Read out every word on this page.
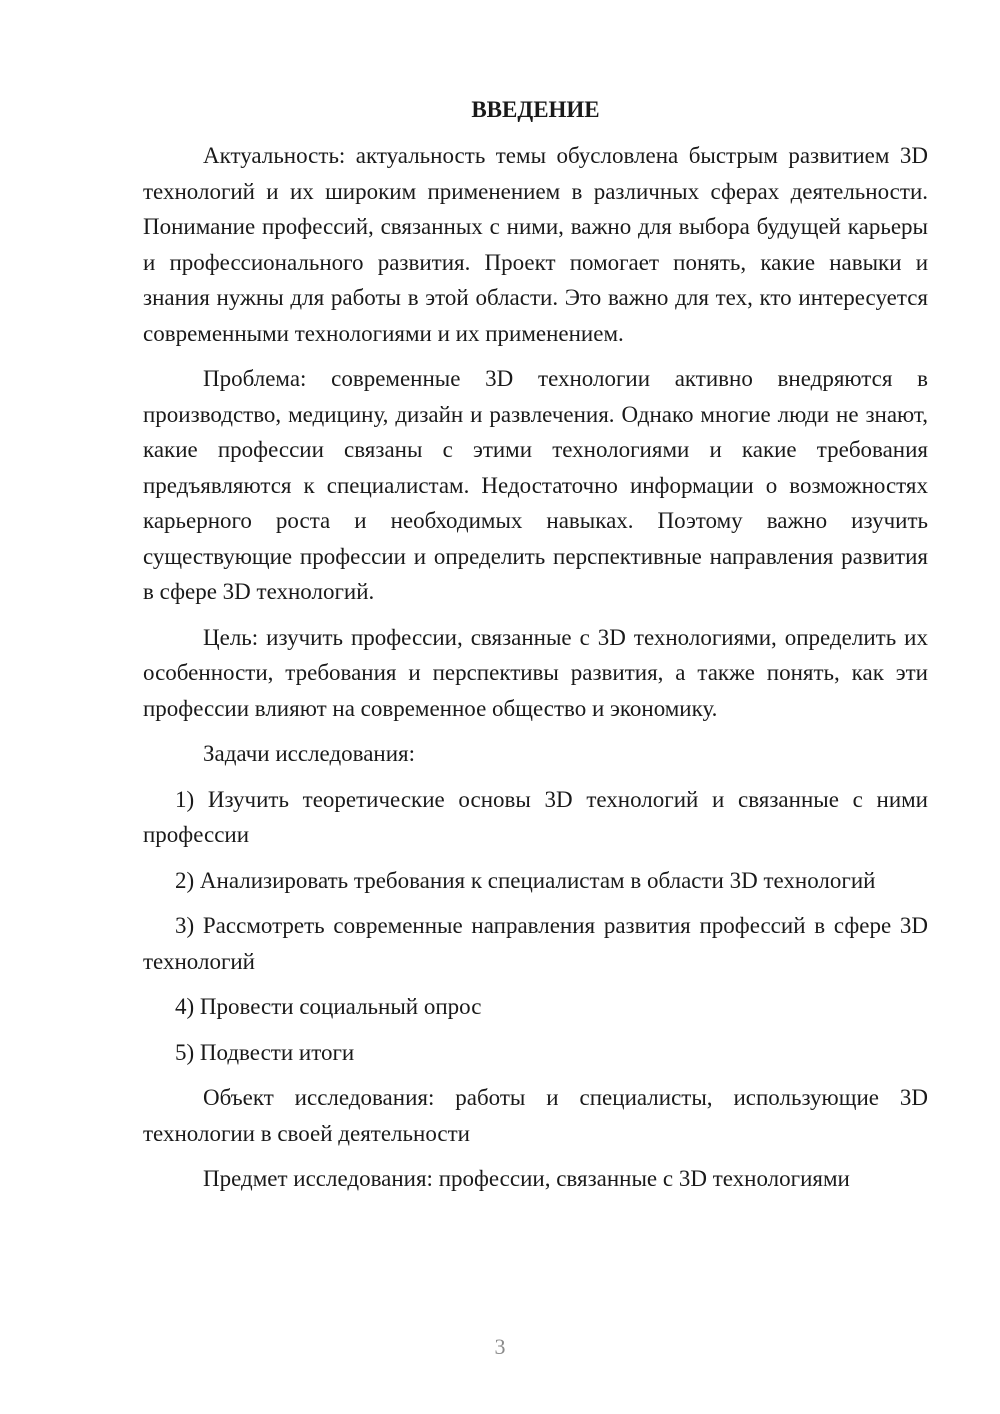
ВВЕДЕНИЕ

Актуальность: актуальность темы обусловлена быстрым развитием 3D технологий и их широким применением в различных сферах деятельности. Понимание профессий, связанных с ними, важно для выбора будущей карьеры и профессионального развития. Проект помогает понять, какие навыки и знания нужны для работы в этой области. Это важно для тех, кто интересуется современными технологиями и их применением.

Проблема: современные 3D технологии активно внедряются в производство, медицину, дизайн и развлечения. Однако многие люди не знают, какие профессии связаны с этими технологиями и какие требования предъявляются к специалистам. Недостаточно информации о возможностях карьерного роста и необходимых навыках. Поэтому важно изучить существующие профессии и определить перспективные направления развития в сфере 3D технологий.

Цель: изучить профессии, связанные с 3D технологиями, определить их особенности, требования и перспективы развития, а также понять, как эти профессии влияют на современное общество и экономику.

Задачи исследования:

1) Изучить теоретические основы 3D технологий и связанные с ними профессии

2) Анализировать требования к специалистам в области 3D технологий

3) Рассмотреть современные направления развития профессий в сфере 3D технологий

4) Провести социальный опрос

5) Подвести итоги

Объект исследования: работы и специалисты, использующие 3D технологии в своей деятельности

Предмет исследования: профессии, связанные с 3D технологиями

3
